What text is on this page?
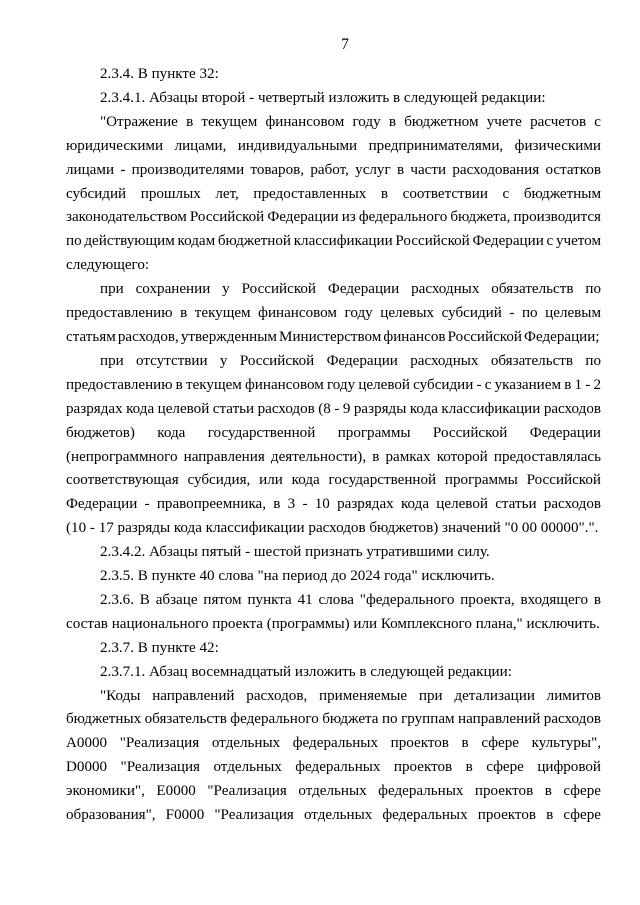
7
2.3.4. В пункте 32:
2.3.4.1. Абзацы второй - четвертый изложить в следующей редакции:
"Отражение в текущем финансовом году в бюджетном учете расчетов с
юридическими лицами, индивидуальными предпринимателями, физическими
лицами - производителями товаров, работ, услуг в части расходования остатков
субсидий прошлых лет, предоставленных в соответствии с бюджетным
законодательством Российской Федерации из федерального бюджета, производится
по действующим кодам бюджетной классификации Российской Федерации с учетом
следующего:
при сохранении у Российской Федерации расходных обязательств по
предоставлению в текущем финансовом году целевых субсидий - по целевым
статьям расходов, утвержденным Министерством финансов Российской Федерации;
при отсутствии у Российской Федерации расходных обязательств по
предоставлению в текущем финансовом году целевой субсидии - с указанием в 1 - 2
разрядах кода целевой статьи расходов (8 - 9 разряды кода классификации расходов
бюджетов) кода государственной программы Российской Федерации
(непрограммного направления деятельности), в рамках которой предоставлялась
соответствующая субсидия, или кода государственной программы Российской
Федерации - правопреемника, в 3 - 10 разрядах кода целевой статьи расходов
(10 - 17 разряды кода классификации расходов бюджетов) значений "0 00 00000".".
2.3.4.2. Абзацы пятый - шестой признать утратившими силу.
2.3.5. В пункте 40 слова "на период до 2024 года" исключить.
2.3.6. В абзаце пятом пункта 41 слова "федерального проекта, входящего в
состав национального проекта (программы) или Комплексного плана," исключить.
2.3.7. В пункте 42:
2.3.7.1. Абзац восемнадцатый изложить в следующей редакции:
"Коды направлений расходов, применяемые при детализации лимитов
бюджетных обязательств федерального бюджета по группам направлений расходов
А0000 "Реализация отдельных федеральных проектов в сфере культуры",
D0000 "Реализация отдельных федеральных проектов в сфере цифровой
экономики", Е0000 "Реализация отдельных федеральных проектов в сфере
образования", F0000 "Реализация отдельных федеральных проектов в сфере
